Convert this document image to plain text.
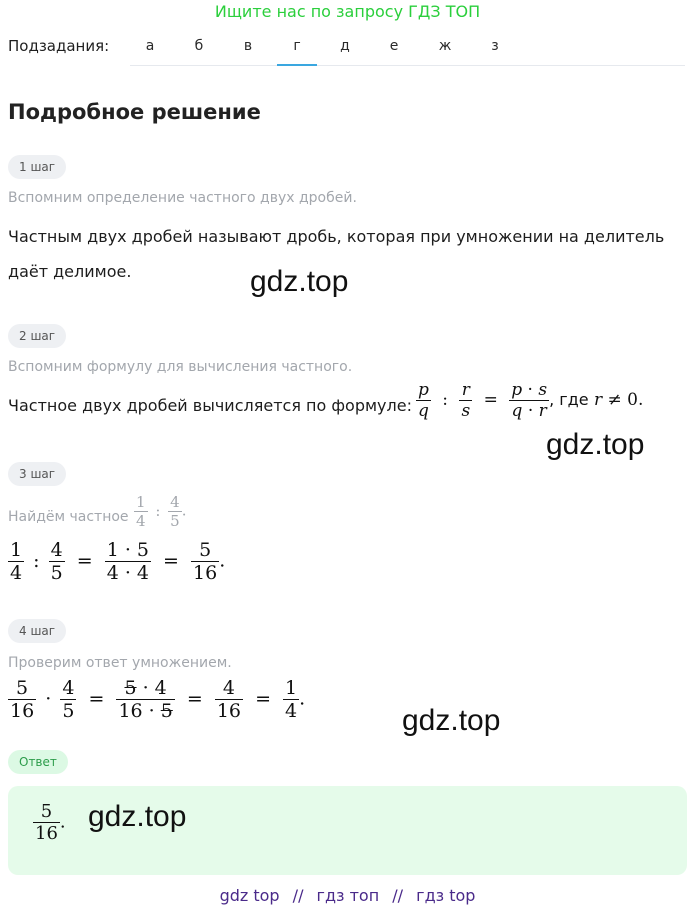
Ищите нас по запросу ГДЗ ТОП
Подзадания:	а	б	в	г	д	е	ж	з
Подробное решение
1 шаг
Вспомним определение частного двух дробей.
Частным двух дробей называют дробь, которая при умножении на делитель
даёт делимое.	gdz.top
2 шаг
Вспомним формулу для вычисления частного.
Частное двух дробей вычисляется по формуле: $\frac{p}{q}$ : $\frac{r}{s} = \frac{p \cdot s}{q \cdot r}$ , где r ≠ 0.
gdz.top
3 шаг
Найдём частное $\frac{1}{4}$ : $\frac{4}{5}$ .
$\frac{1}{4}$ : $\frac{4}{5} = \frac{1 \cdot 5}{4 \cdot 4} = \frac{5}{16}$ .
4 шаг
Проверим ответ умножением.
$\frac{5}{16} \cdot \frac{4}{5} = \frac{5 \cdot 4}{16 \cdot 5} = \frac{4}{16} = \frac{1}{4}$ .
gdz.top
Ответ
$\frac{5}{16}$ . gdz.top
gdz top // гдз топ // гдз top
